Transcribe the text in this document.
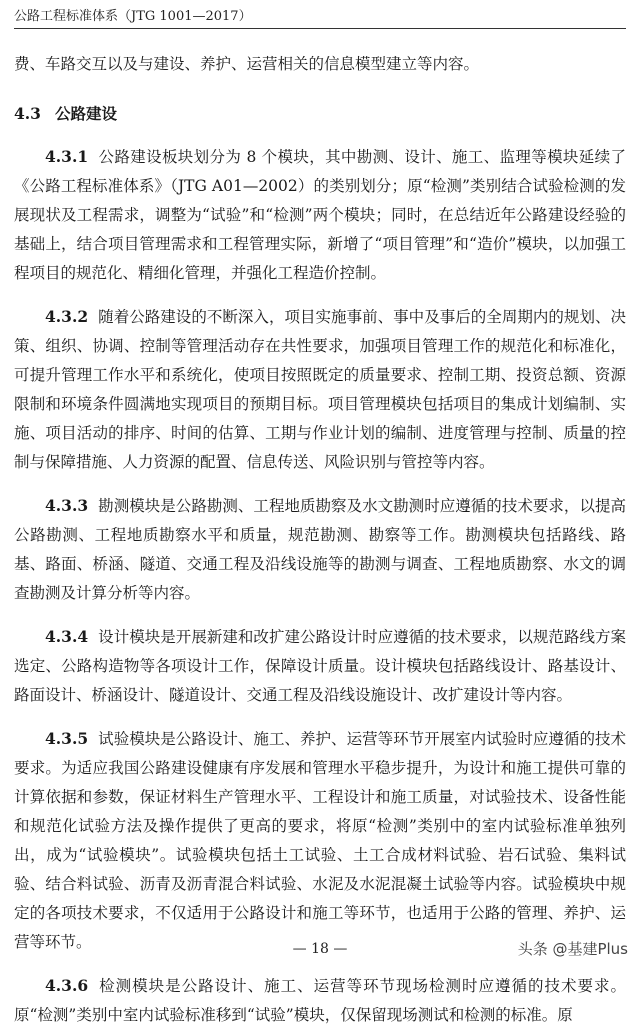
公路工程标准体系（JTG 1001—2017）

费、车路交互以及与建设、养护、运营相关的信息模型建立等内容。

4.3 公路建设

4.3.1 公路建设板块划分为 8 个模块，其中勘测、设计、施工、监理等模块延续了《公路工程标准体系》（JTG A01—2002）的类别划分；原“检测”类别结合试验检测的发展现状及工程需求，调整为“试验”和“检测”两个模块；同时，在总结近年公路建设经验的基础上，结合项目管理需求和工程管理实际，新增了“项目管理”和“造价”模块，以加强工程项目的规范化、精细化管理，并强化工程造价控制。

4.3.2 随着公路建设的不断深入，项目实施事前、事中及事后的全周期内的规划、决策、组织、协调、控制等管理活动存在共性要求，加强项目管理工作的规范化和标准化，可提升管理工作水平和系统化，使项目按照既定的质量要求、控制工期、投资总额、资源限制和环境条件圆满地实现项目的预期目标。项目管理模块包括项目的集成计划编制、实施、项目活动的排序、时间的估算、工期与作业计划的编制、进度管理与控制、质量的控制与保障措施、人力资源的配置、信息传送、风险识别与管控等内容。

4.3.3 勘测模块是公路勘测、工程地质勘察及水文勘测时应遵循的技术要求，以提高公路勘测、工程地质勘察水平和质量，规范勘测、勘察等工作。勘测模块包括路线、路基、路面、桥涵、隧道、交通工程及沿线设施等的勘测与调查、工程地质勘察、水文的调查勘测及计算分析等内容。

4.3.4 设计模块是开展新建和改扩建公路设计时应遵循的技术要求，以规范路线方案选定、公路构造物等各项设计工作，保障设计质量。设计模块包括路线设计、路基设计、路面设计、桥涵设计、隧道设计、交通工程及沿线设施设计、改扩建设计等内容。

4.3.5 试验模块是公路设计、施工、养护、运营等环节开展室内试验时应遵循的技术要求。为适应我国公路建设健康有序发展和管理水平稳步提升，为设计和施工提供可靠的计算依据和参数，保证材料生产管理水平、工程设计和施工质量，对试验技术、设备性能和规范化试验方法及操作提供了更高的要求，将原“检测”类别中的室内试验标准单独列出，成为“试验模块”。试验模块包括土工试验、土工合成材料试验、岩石试验、集料试验、结合料试验、沥青及沥青混合料试验、水泥及水泥混凝土试验等内容。试验模块中规定的各项技术要求，不仅适用于公路设计和施工等环节，也适用于公路的管理、养护、运营等环节。

4.3.6 检测模块是公路设计、施工、运营等环节现场检测时应遵循的技术要求。原“检测”类别中室内试验标准移到“试验”模块，仅保留现场测试和检测的标准。原

— 18 —	头条 @基建Plus
